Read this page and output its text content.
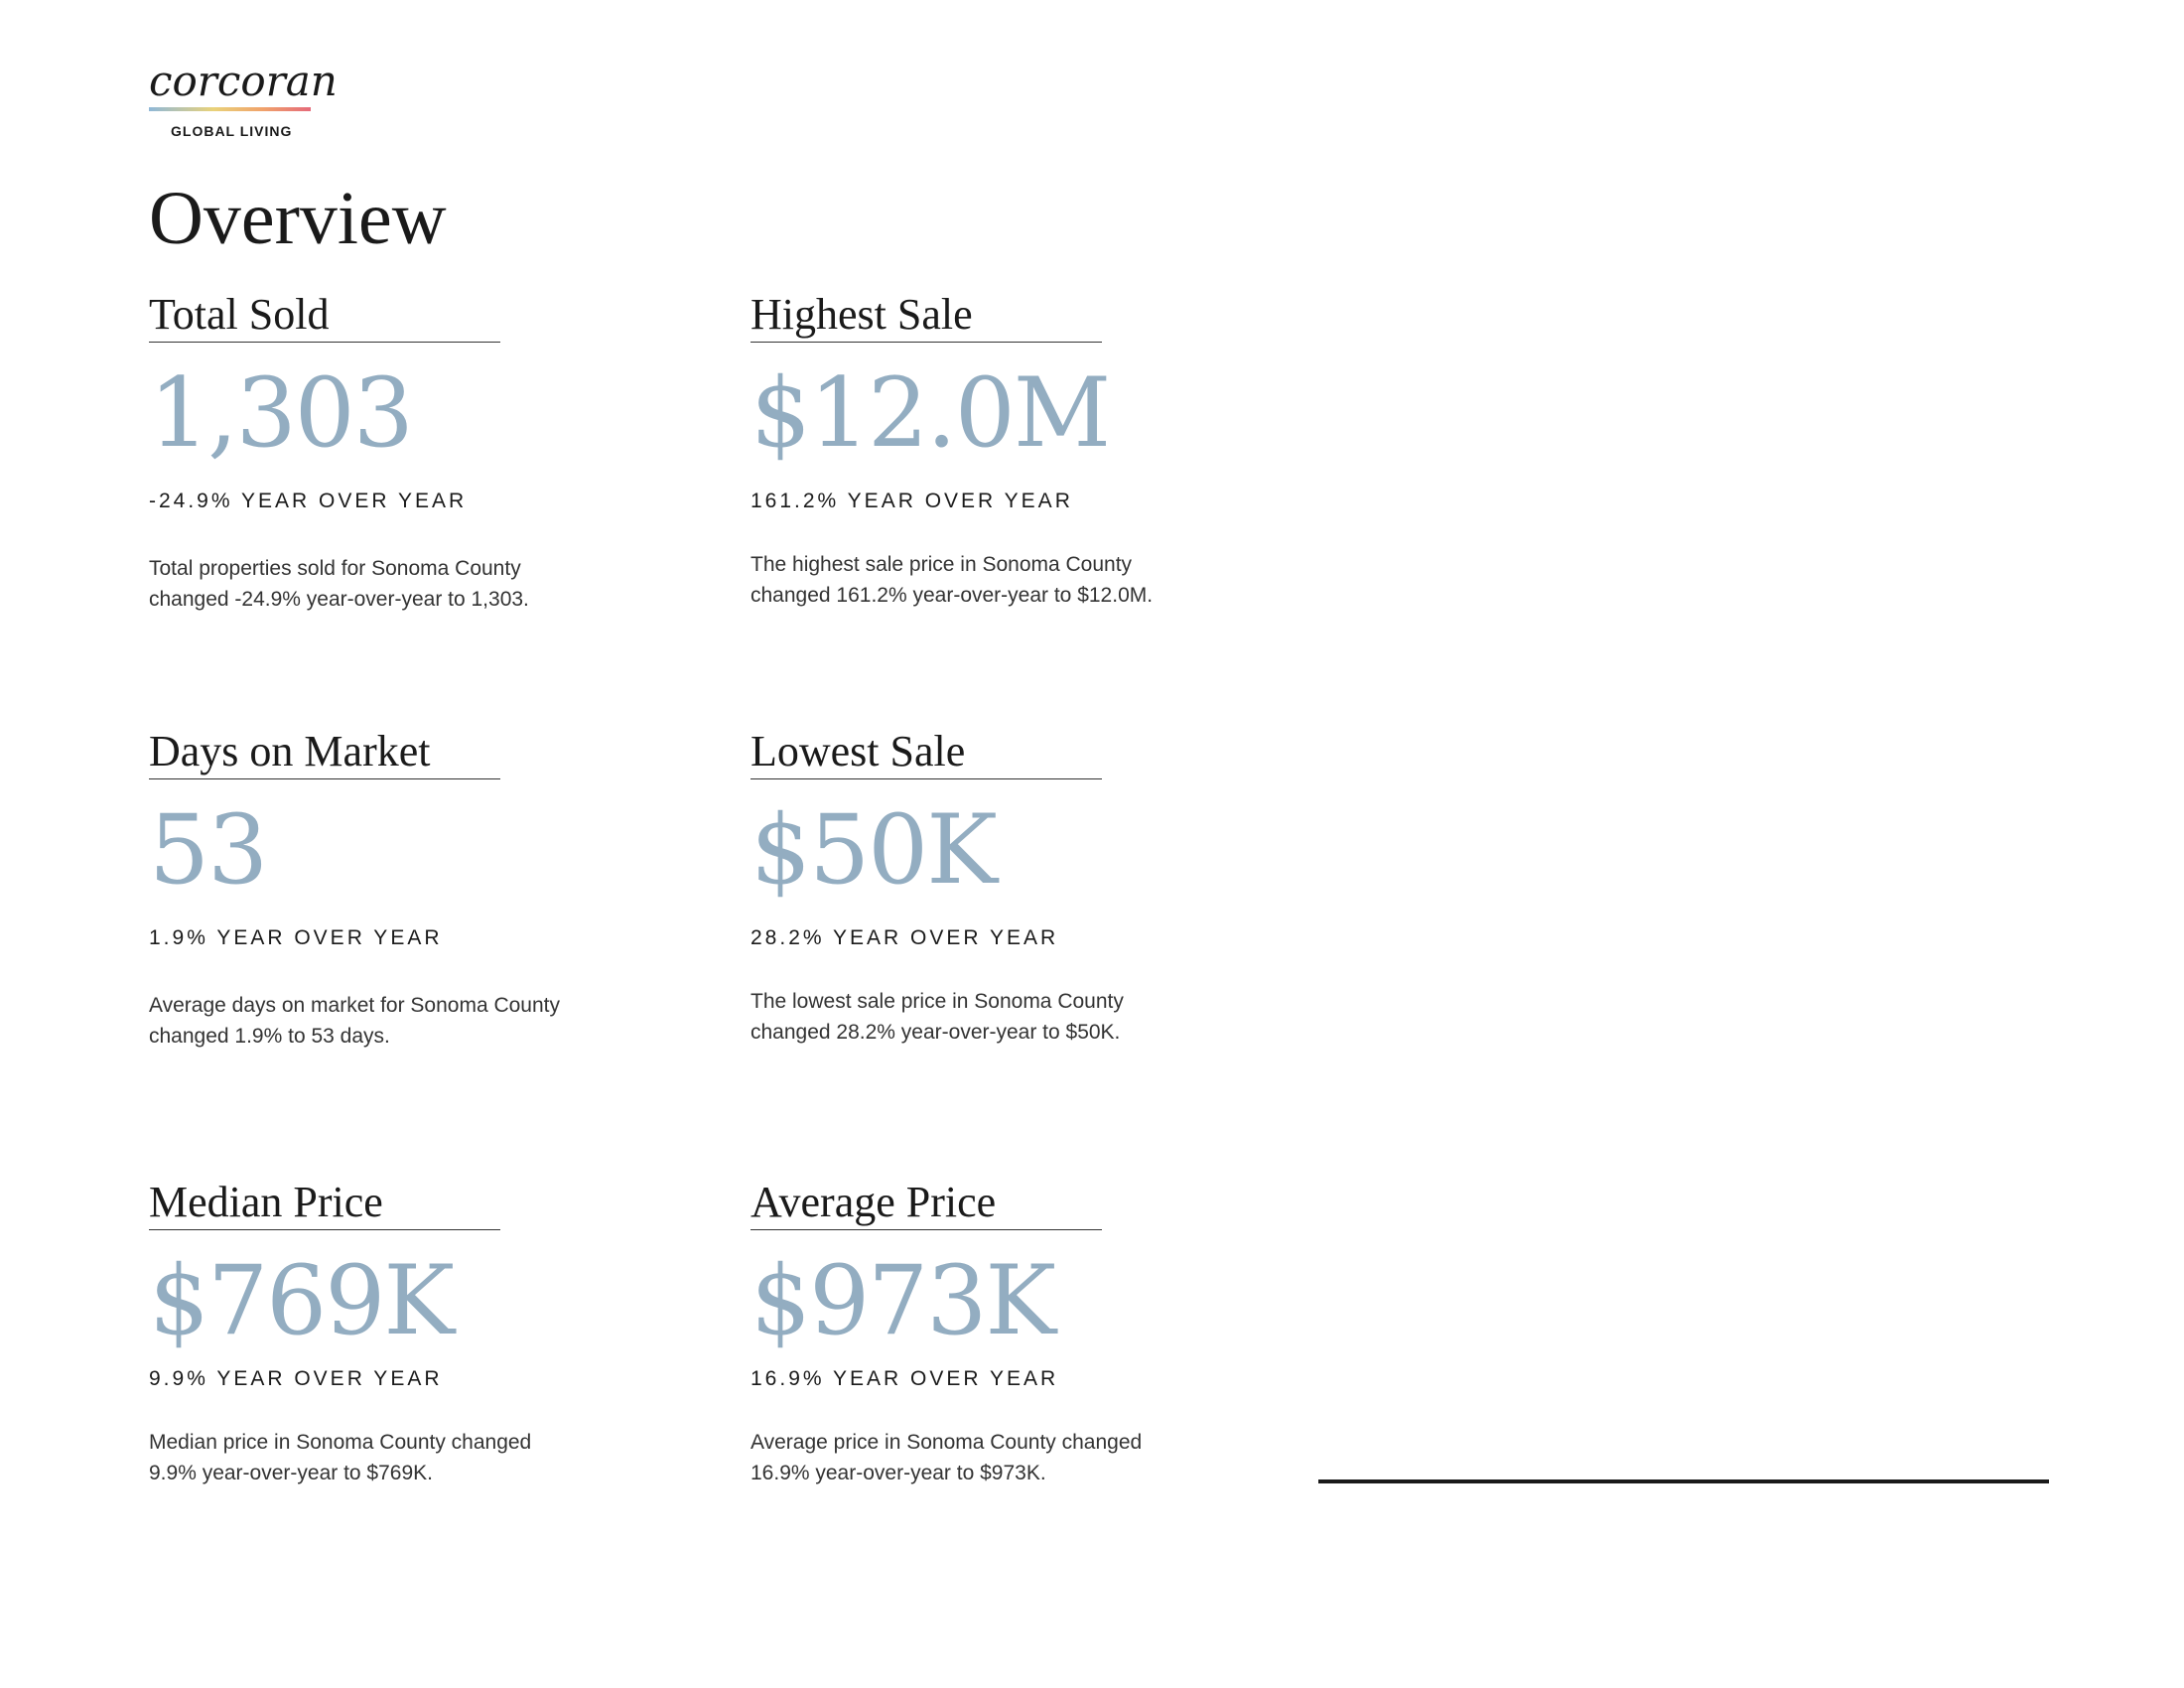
corcoran
GLOBAL LIVING
Overview
Total Sold
1,303
-24.9% YEAR OVER YEAR
Total properties sold for Sonoma County changed -24.9% year-over-year to 1,303.
Highest Sale
$12.0M
161.2% YEAR OVER YEAR
The highest sale price in Sonoma County changed 161.2% year-over-year to $12.0M.
Days on Market
53
1.9% YEAR OVER YEAR
Average days on market for Sonoma County changed 1.9% to 53 days.
Lowest Sale
$50K
28.2% YEAR OVER YEAR
The lowest sale price in Sonoma County changed 28.2% year-over-year to $50K.
Median Price
$769K
9.9% YEAR OVER YEAR
Median price in Sonoma County changed 9.9% year-over-year to $769K.
Average Price
$973K
16.9% YEAR OVER YEAR
Average price in Sonoma County changed 16.9% year-over-year to $973K.
